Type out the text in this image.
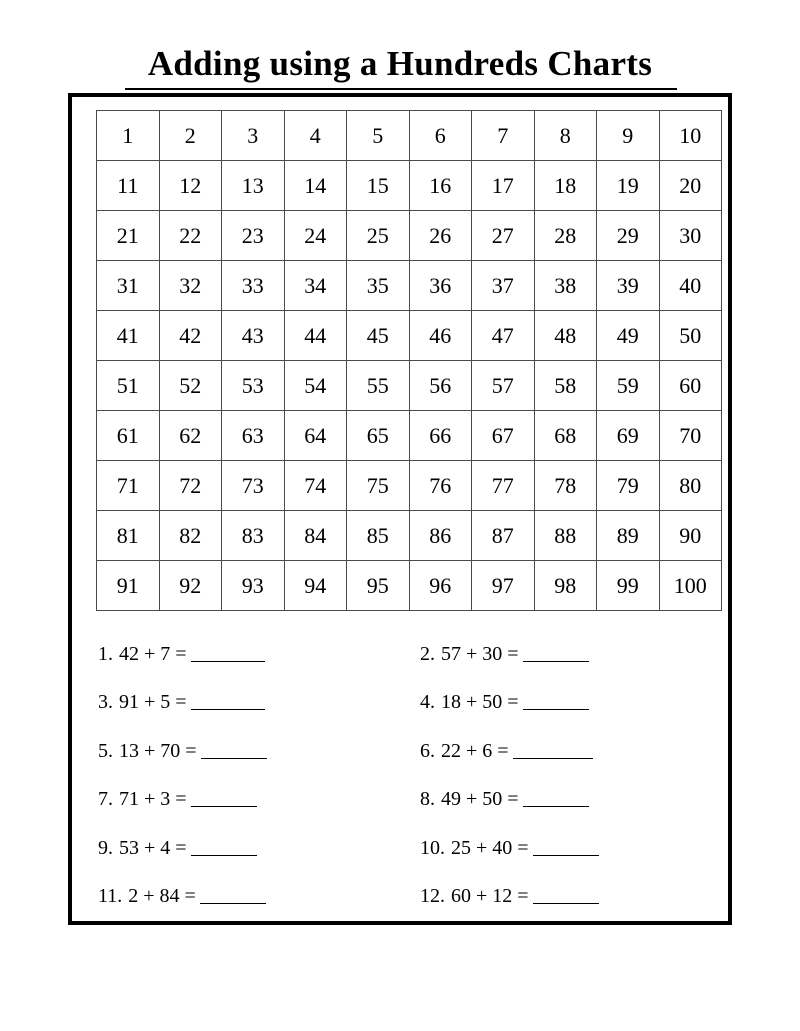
Adding using a Hundreds Charts
1	2	3	4	5	6	7	8	9	10
11	12	13	14	15	16	17	18	19	20
21	22	23	24	25	26	27	28	29	30
31	32	33	34	35	36	37	38	39	40
41	42	43	44	45	46	47	48	49	50
51	52	53	54	55	56	57	58	59	60
61	62	63	64	65	66	67	68	69	70
71	72	73	74	75	76	77	78	79	80
81	82	83	84	85	86	87	88	89	90
91	92	93	94	95	96	97	98	99	100
1. 42 + 7 =
3. 91 + 5 =
5. 13 + 70 =
7. 71 + 3 =
9. 53 + 4 =
11. 2 + 84 =
2. 57 + 30 =
4. 18 + 50 =
6. 22 + 6 =
8. 49 + 50 =
10. 25 + 40 =
12. 60 + 12 =
